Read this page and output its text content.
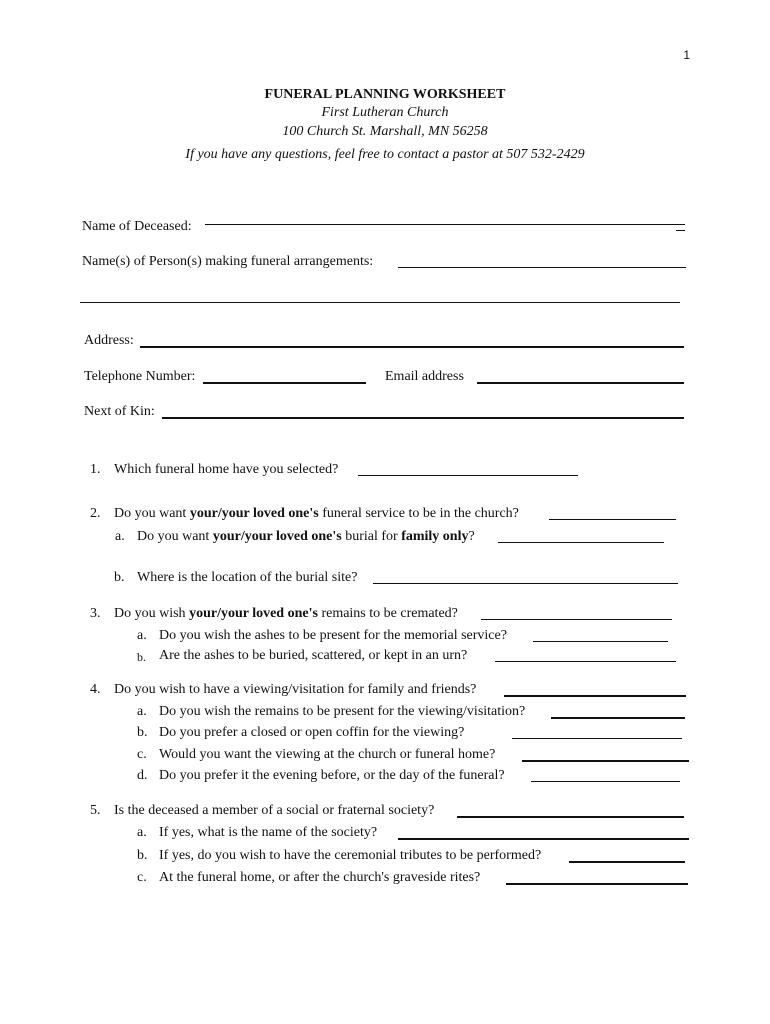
1
FUNERAL PLANNING WORKSHEET
First Lutheran Church
100 Church St. Marshall, MN 56258
If you have any questions, feel free to contact a pastor at 507 532-2429
Name of Deceased:
Name(s) of Person(s) making funeral arrangements:
Address:
Telephone Number:	Email address
Next of Kin:
1. Which funeral home have you selected?
2. Do you want your/your loved one's funeral service to be in the church?
a. Do you want your/your loved one's burial for family only?
b. Where is the location of the burial site?
3. Do you wish your/your loved one's remains to be cremated?
a. Do you wish the ashes to be present for the memorial service?
b. Are the ashes to be buried, scattered, or kept in an urn?
4. Do you wish to have a viewing/visitation for family and friends?
a. Do you wish the remains to be present for the viewing/visitation?
b. Do you prefer a closed or open coffin for the viewing?
c. Would you want the viewing at the church or funeral home?
d. Do you prefer it the evening before, or the day of the funeral?
5. Is the deceased a member of a social or fraternal society?
a. If yes, what is the name of the society?
b. If yes, do you wish to have the ceremonial tributes to be performed?
c. At the funeral home, or after the church's graveside rites?
